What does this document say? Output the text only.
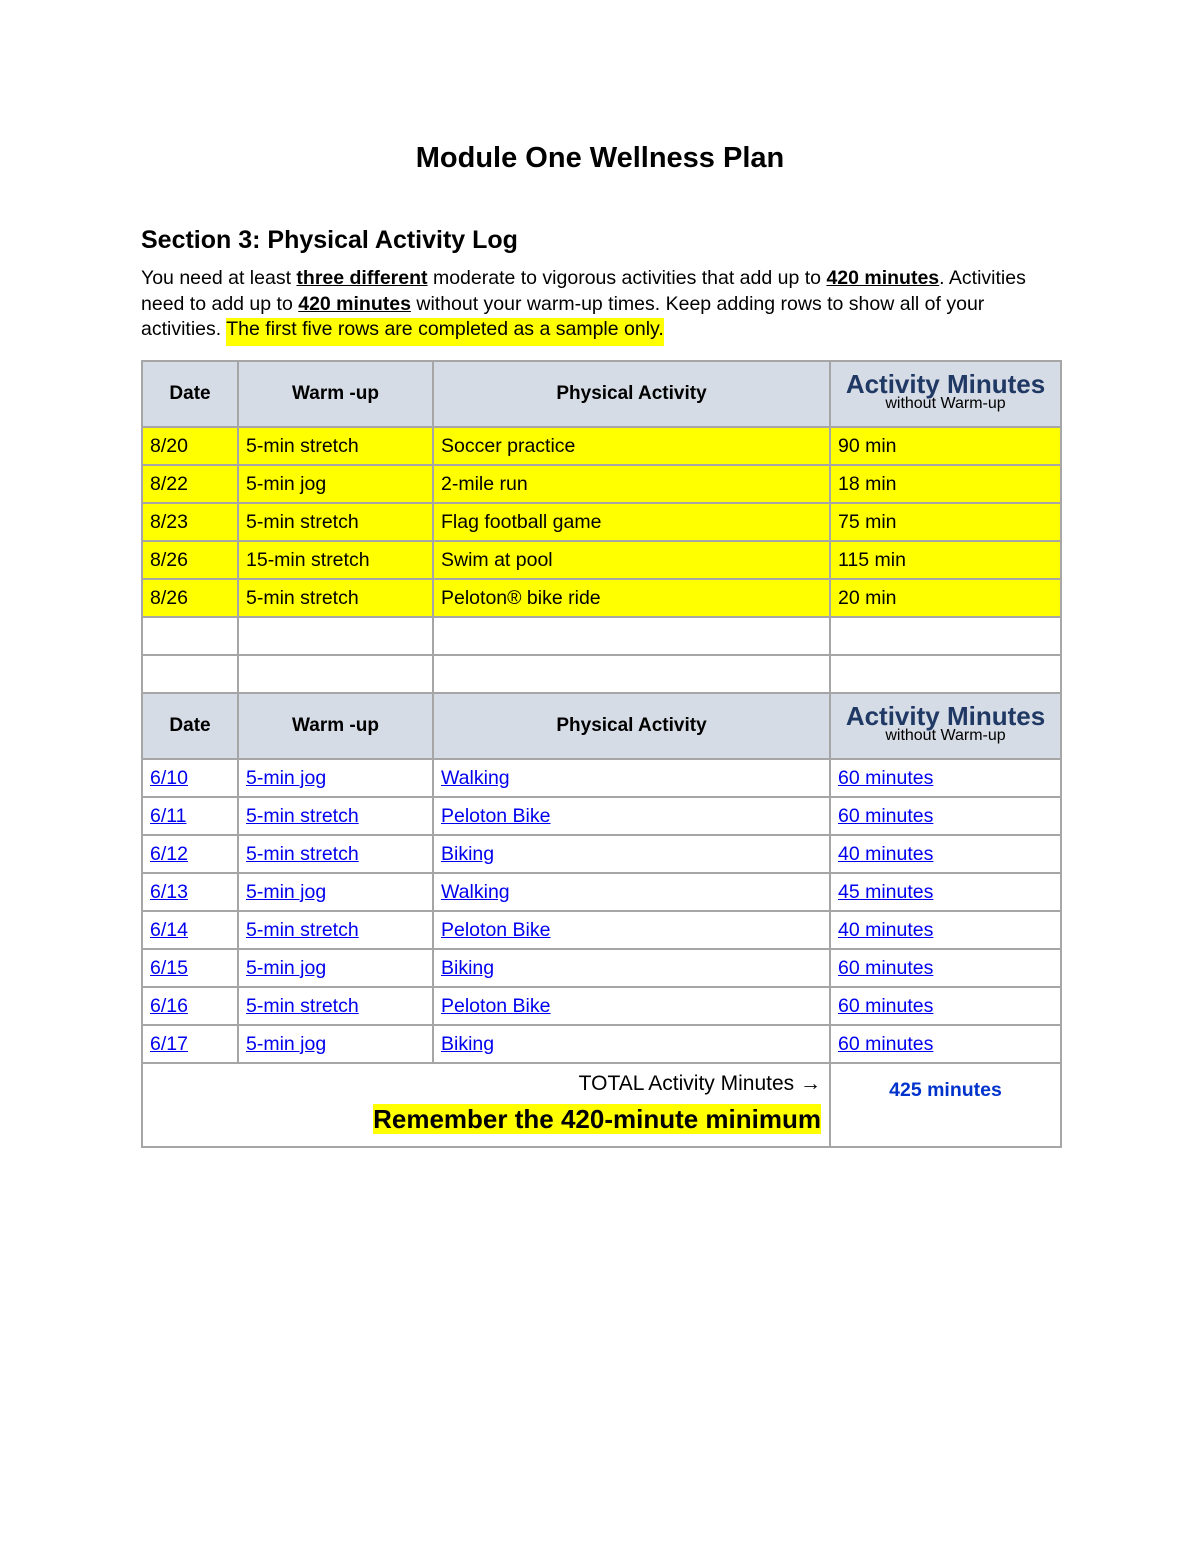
Module One Wellness Plan
Section 3: Physical Activity Log
You need at least three different moderate to vigorous activities that add up to 420 minutes. Activities need to add up to 420 minutes without your warm-up times. Keep adding rows to show all of your activities. The first five rows are completed as a sample only.
Date	Warm -up	Physical Activity	Activity Minutes
without Warm-up

8/20	5-min stretch	Soccer practice	90 min
8/22	5-min jog	2-mile run	18 min
8/23	5-min stretch	Flag football game	75 min
8/26	15-min stretch	Swim at pool	115 min
8/26	5-min stretch	Peloton® bike ride	20 min

Date	Warm -up	Physical Activity	Activity Minutes
without Warm-up

6/10	5-min jog	Walking	60 minutes
6/11	5-min stretch	Peloton Bike	60 minutes
6/12	5-min stretch	Biking	40 minutes
6/13	5-min jog	Walking	45 minutes
6/14	5-min stretch	Peloton Bike	40 minutes
6/15	5-min jog	Biking	60 minutes
6/16	5-min stretch	Peloton Bike	60 minutes
6/17	5-min jog	Biking	60 minutes

TOTAL Activity Minutes →
Remember the 420-minute minimum			425 minutes
